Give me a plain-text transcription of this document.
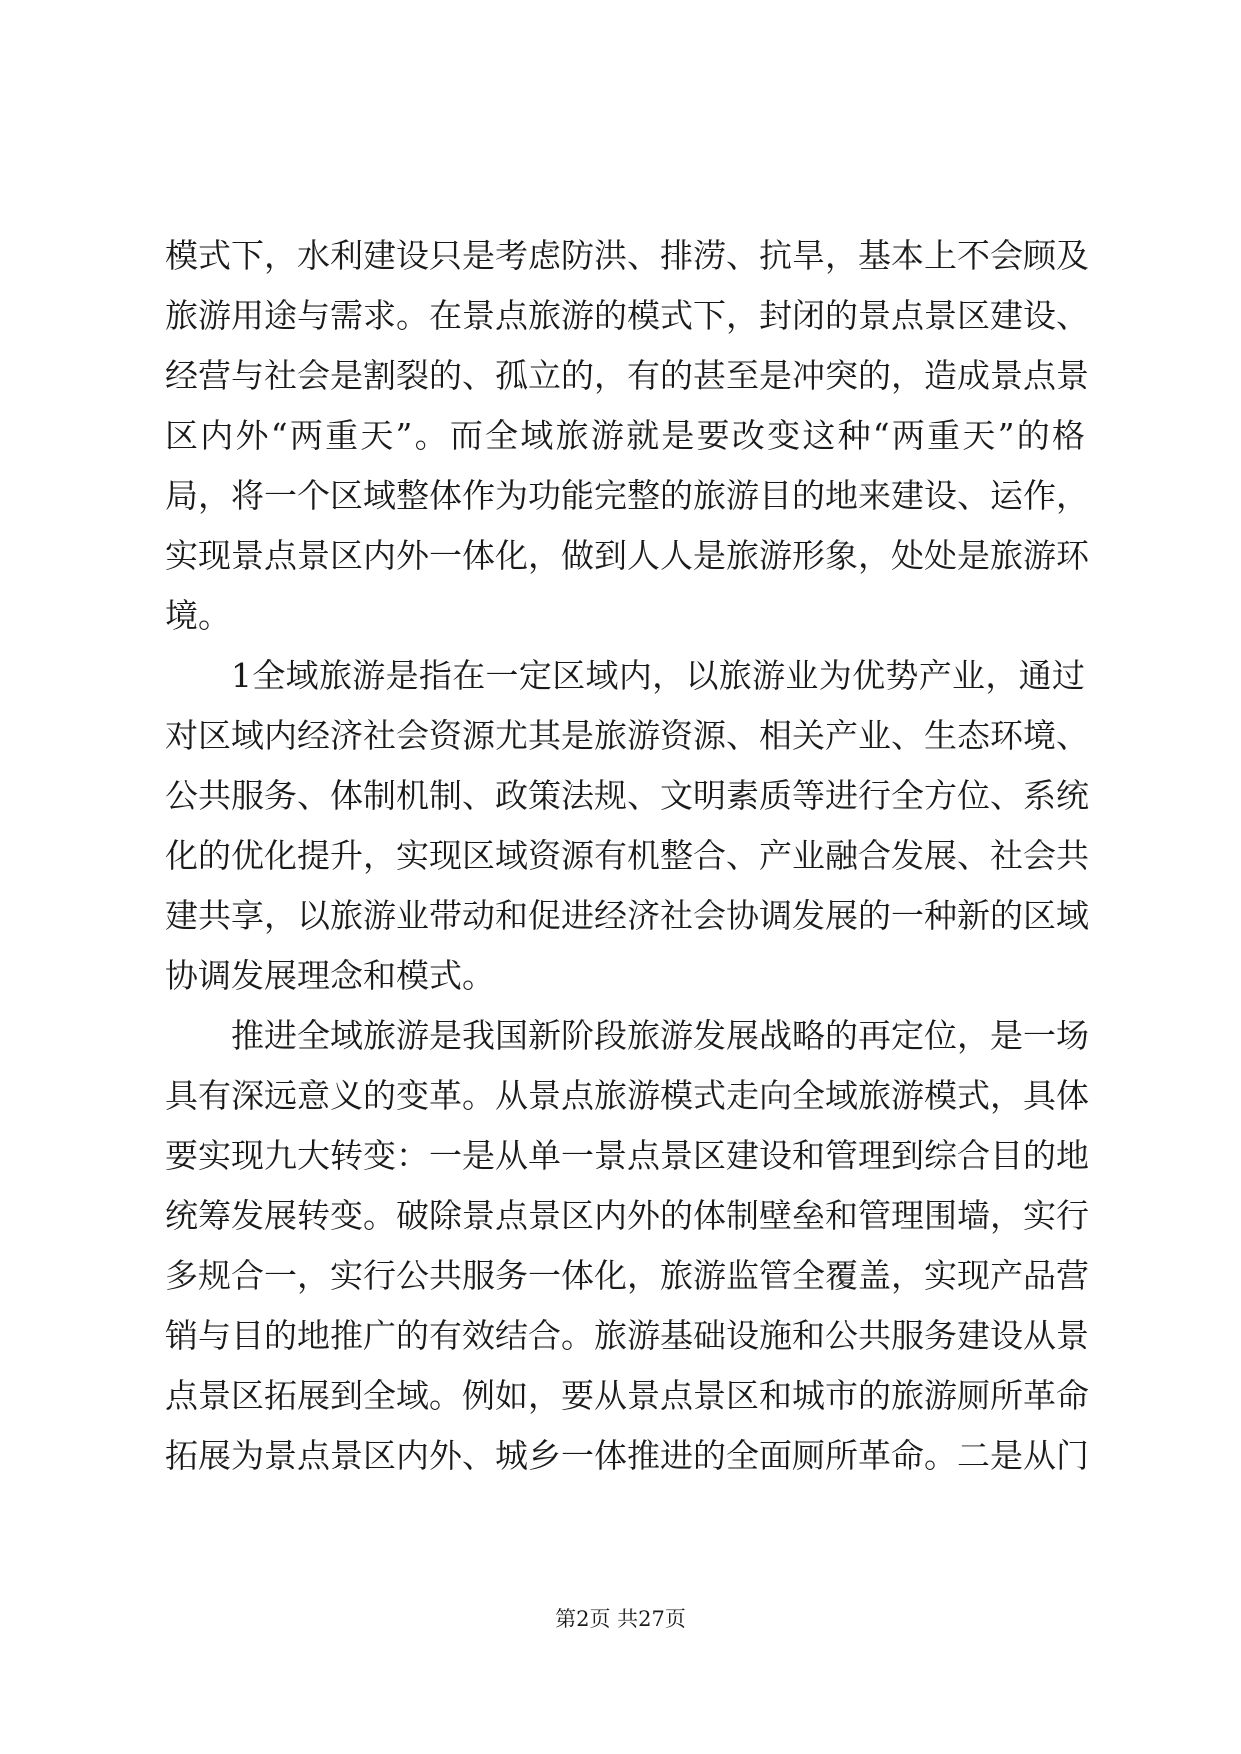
模式下，水利建设只是考虑防洪、排涝、抗旱，基本上不会顾及
旅游用途与需求。在景点旅游的模式下，封闭的景点景区建设、
经营与社会是割裂的、孤立的，有的甚至是冲突的，造成景点景
区内外“两重天”。而全域旅游就是要改变这种“两重天”的格
局，将一个区域整体作为功能完整的旅游目的地来建设、运作，
实现景点景区内外一体化，做到人人是旅游形象，处处是旅游环
境。
1全域旅游是指在一定区域内，以旅游业为优势产业，通过
对区域内经济社会资源尤其是旅游资源、相关产业、生态环境、
公共服务、体制机制、政策法规、文明素质等进行全方位、系统
化的优化提升，实现区域资源有机整合、产业融合发展、社会共
建共享，以旅游业带动和促进经济社会协调发展的一种新的区域
协调发展理念和模式。
推进全域旅游是我国新阶段旅游发展战略的再定位，是一场
具有深远意义的变革。从景点旅游模式走向全域旅游模式，具体
要实现九大转变：一是从单一景点景区建设和管理到综合目的地
统筹发展转变。破除景点景区内外的体制壁垒和管理围墙，实行
多规合一，实行公共服务一体化，旅游监管全覆盖，实现产品营
销与目的地推广的有效结合。旅游基础设施和公共服务建设从景
点景区拓展到全域。例如，要从景点景区和城市的旅游厕所革命
拓展为景点景区内外、城乡一体推进的全面厕所革命。二是从门
第2页 共27页
